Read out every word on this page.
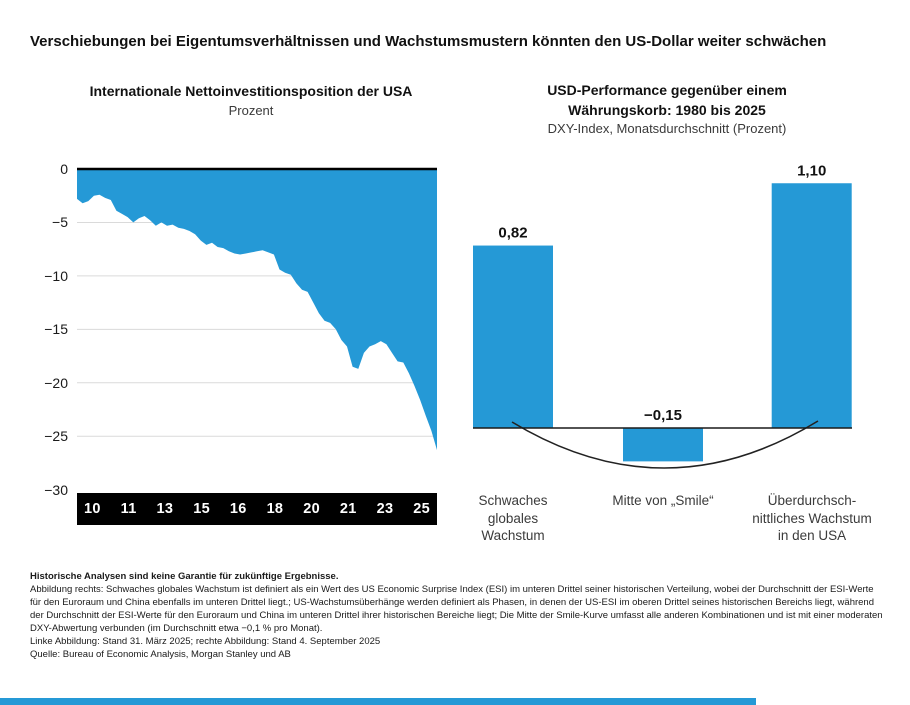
Verschiebungen bei Eigentumsverhältnissen und Wachstumsmustern könnten den US-Dollar weiter schwächen
Internationale Nettoinvestitionsposition der USA
Prozent
0
−5
−10
−15
−20
−25
−30
10 11 13 15 16 18 20 21 23 25
USD-Performance gegenüber einem
Währungskorb: 1980 bis 2025
DXY-Index, Monatsdurchschnitt (Prozent)
0,82
−0,15
1,10
Schwaches
globales
Wachstum
Mitte von „Smile“	Überdurchsch-
nittliches Wachstum
in den USA
Historische Analysen sind keine Garantie für zukünftige Ergebnisse.
Abbildung rechts: Schwaches globales Wachstum ist definiert als ein Wert des US Economic Surprise Index (ESI) im unteren Drittel seiner historischen Verteilung, wobei der Durchschnitt der ESI-Werte für den Euroraum und China ebenfalls im unteren Drittel liegt.; US-Wachstumsüberhänge werden definiert als Phasen, in denen der US-ESI im oberen Drittel seines historischen Bereichs liegt, während der Durchschnitt der ESI-Werte für den Euroraum und China im unteren Drittel ihrer historischen Bereiche liegt; Die Mitte der Smile-Kurve umfasst alle anderen Kombinationen und ist mit einer moderaten DXY-Abwertung verbunden (im Durchschnitt etwa −0,1 % pro Monat).
Linke Abbildung: Stand 31. März 2025; rechte Abbildung: Stand 4. September 2025
Quelle: Bureau of Economic Analysis, Morgan Stanley und AB
